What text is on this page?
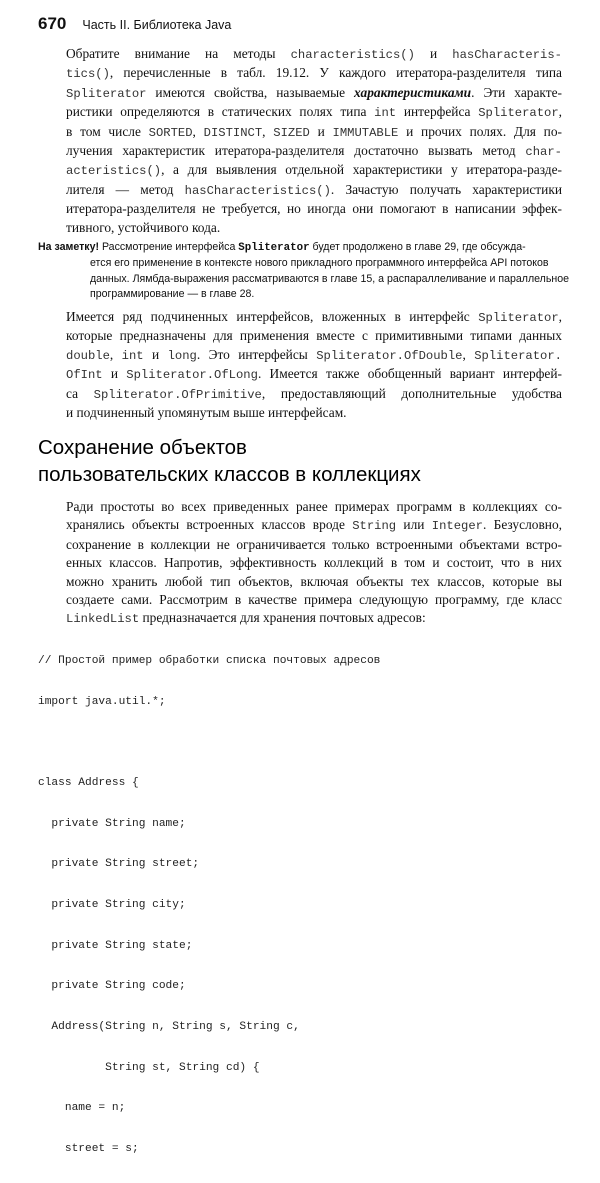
670 Часть II. Библиотека Java
Обратите внимание на методы characteristics() и hasCharacteris-
tics(), перечисленные в табл. 19.12. У каждого итератора-разделителя типа
Spliterator имеются свойства, называемые характеристиками. Эти характе-
ристики определяются в статических полях типа int интерфейса Spliterator,
в том числе SORTED, DISTINCT, SIZED и IMMUTABLE и прочих полях. Для по-
лучения характеристик итератора-разделителя достаточно вызвать метод char-
acteristics(), а для выявления отдельной характеристики у итератора-разде-
лителя — метод hasCharacteristics(). Зачастую получать характеристики
итератора-разделителя не требуется, но иногда они помогают в написании эффек-
тивного, устойчивого кода.
На заметку! Рассмотрение интерфейса Spliterator будет продолжено в главе 29, где обсужда-
ется его применение в контексте нового прикладного программного интерфейса API потоков
данных. Лямбда-выражения рассматриваются в главе 15, а распараллеливание и параллельное
программирование — в главе 28.
Имеется ряд подчиненных интерфейсов, вложенных в интерфейс Spliterator,
которые предназначены для применения вместе с примитивными типами данных
double, int и long. Это интерфейсы Spliterator.OfDouble, Spliterator.
OfInt и Spliterator.OfLong. Имеется также обобщенный вариант интерфей-
са Spliterator.OfPrimitive, предоставляющий дополнительные удобства
и подчиненный упомянутым выше интерфейсам.
Сохранение объектов
пользовательских классов в коллекциях
Ради простоты во всех приведенных ранее примерах программ в коллекциях со-
хранялись объекты встроенных классов вроде String или Integer. Безусловно,
сохранение в коллекции не ограничивается только встроенными объектами встро-
енных классов. Напротив, эффективность коллекций в том и состоит, что в них
можно хранить любой тип объектов, включая объекты тех классов, которые вы
создаете сами. Рассмотрим в качестве примера следующую программу, где класс
LinkedList предназначается для хранения почтовых адресов:

// Простой пример обработки списка почтовых адресов

import java.util.*;

class Address {

private String name;

private String street;

private String city;

private String state;

private String code;

Address(String n, String s, String c,

String st, String cd) {

name = n;

street = s;
